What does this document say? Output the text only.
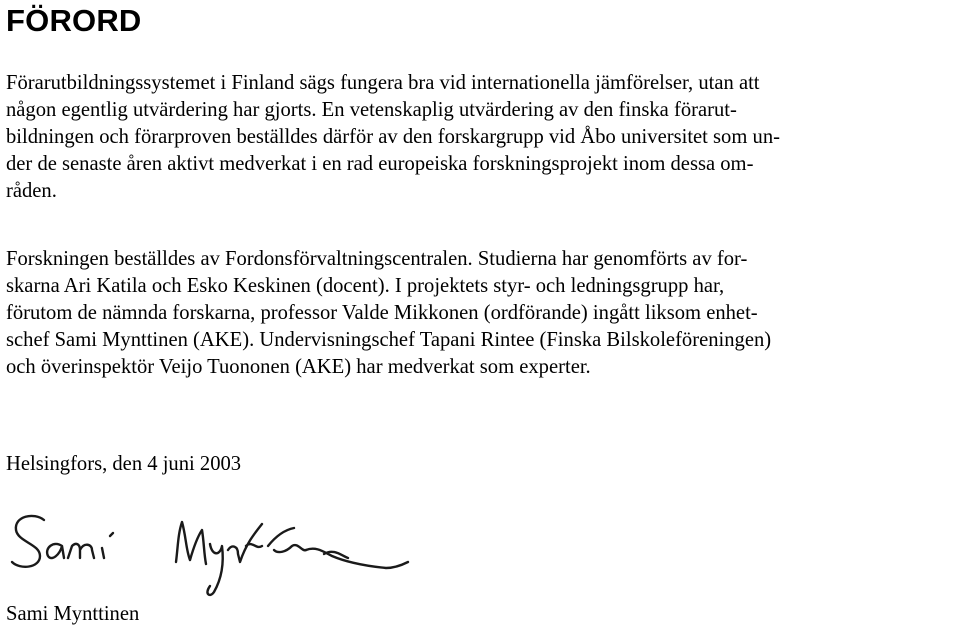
FÖRORD

Förarutbildningssystemet i Finland sägs fungera bra vid internationella jämförelser, utan att
någon egentlig utvärdering har gjorts. En vetenskaplig utvärdering av den finska förarut-
bildningen och förarproven beställdes därför av den forskargrupp vid Åbo universitet som un-
der de senaste åren aktivt medverkat i en rad europeiska forskningsprojekt inom dessa om-
råden.

Forskningen beställdes av Fordonsförvaltningscentralen. Studierna har genomförts av for-
skarna Ari Katila och Esko Keskinen (docent). I projektets styr- och ledningsgrupp har,
förutom de nämnda forskarna, professor Valde Mikkonen (ordförande) ingått liksom enhet-
schef Sami Mynttinen (AKE). Undervisningschef Tapani Rintee (Finska Bilskoleföreningen)
och överinspektör Veijo Tuononen (AKE) har medverkat som experter.

Helsingfors, den 4 juni 2003

Sami Mynttinen
